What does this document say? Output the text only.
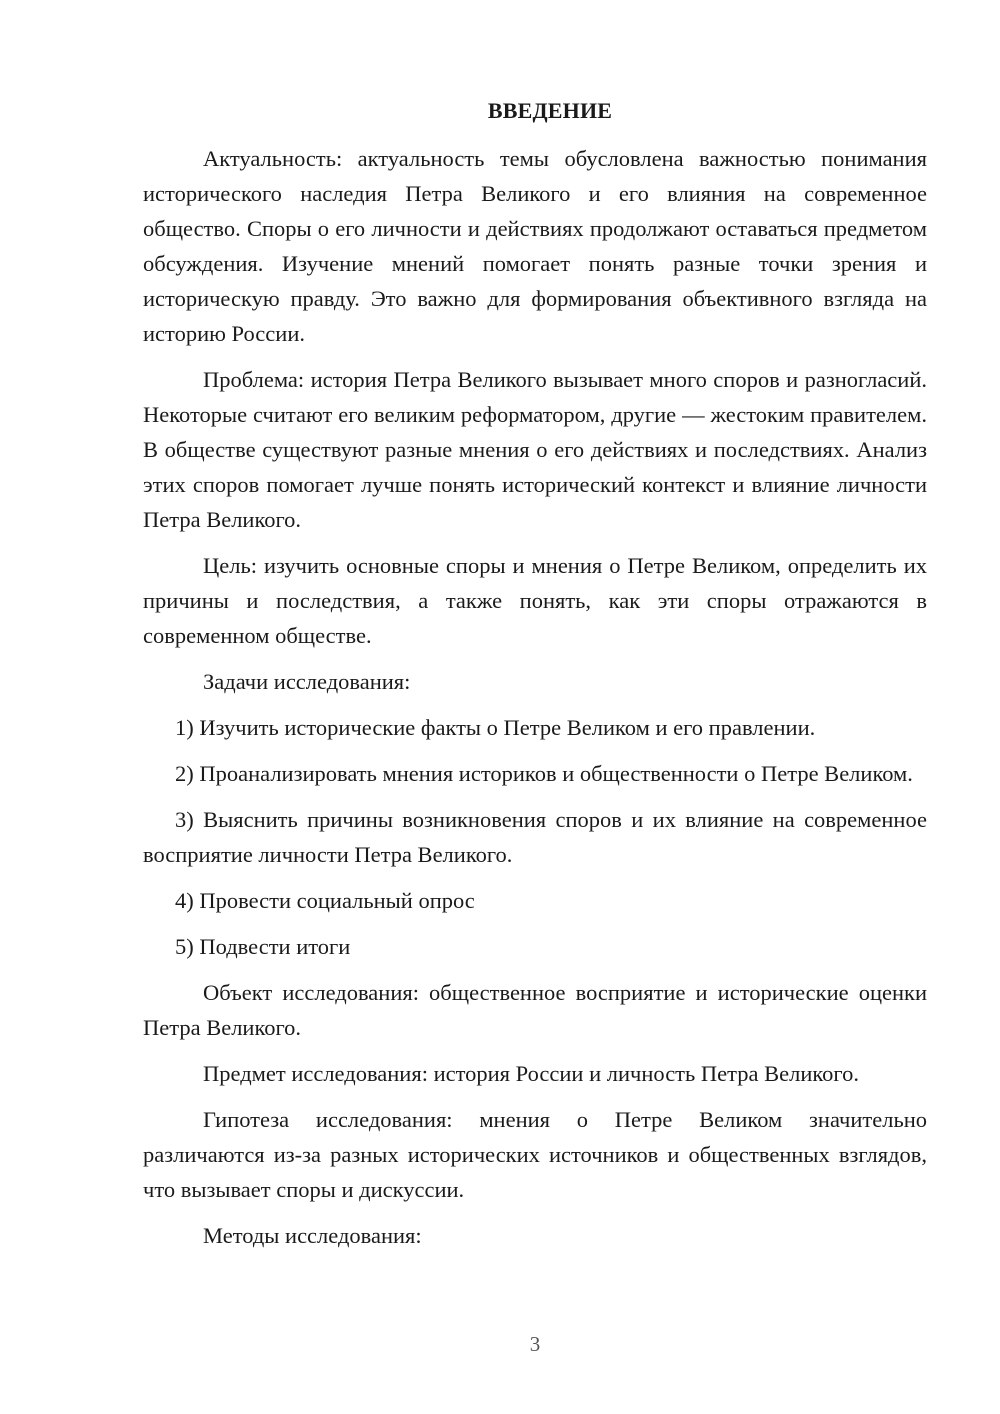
ВВЕДЕНИЕ

Актуальность: актуальность темы обусловлена важностью понимания исторического наследия Петра Великого и его влияния на современное общество. Споры о его личности и действиях продолжают оставаться предметом обсуждения. Изучение мнений помогает понять разные точки зрения и историческую правду. Это важно для формирования объективного взгляда на историю России.

Проблема: история Петра Великого вызывает много споров и разногласий. Некоторые считают его великим реформатором, другие — жестоким правителем. В обществе существуют разные мнения о его действиях и последствиях. Анализ этих споров помогает лучше понять исторический контекст и влияние личности Петра Великого.

Цель: изучить основные споры и мнения о Петре Великом, определить их причины и последствия, а также понять, как эти споры отражаются в современном обществе.

Задачи исследования:

1) Изучить исторические факты о Петре Великом и его правлении.

2) Проанализировать мнения историков и общественности о Петре Великом.

3) Выяснить причины возникновения споров и их влияние на современное восприятие личности Петра Великого.

4) Провести социальный опрос

5) Подвести итоги

Объект исследования: общественное восприятие и исторические оценки Петра Великого.

Предмет исследования: история России и личность Петра Великого.

Гипотеза исследования: мнения о Петре Великом значительно различаются из-за разных исторических источников и общественных взглядов, что вызывает споры и дискуссии.

Методы исследования:

3
